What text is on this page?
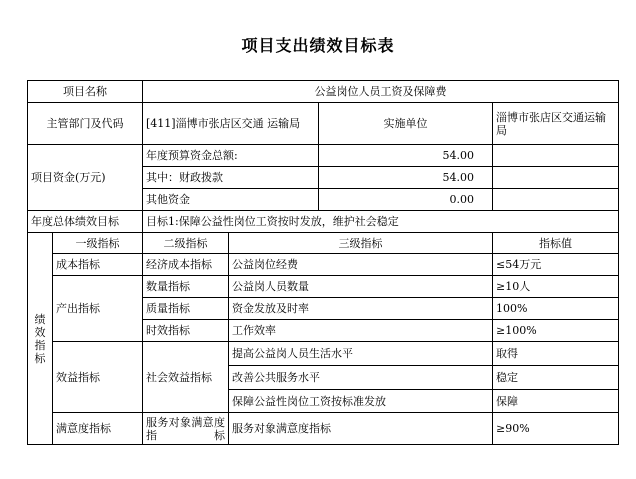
项目支出绩效目标表
项目名称		公益岗位人员工资及保障费			
主管部门及代码		[411]淄博市张店区交通 运输局		实施单位	淄博市张店区交通运输局
项目资金(万元)		年度预算资金总额:		54.00	
		其中：财政拨款		54.00	
		其他资金		0.00	
年度总体绩效目标		目标1:保障公益性岗位工资按时发放，维护社会稳定			
绩效指标	一级指标	二级指标	三级指标		指标值
	成本指标	经济成本指标	公益岗位经费		≤54万元
	产出指标	数量指标	公益岗人员数量		≥10人
		质量指标	资金发放及时率		100%
		时效指标	工作效率		≥100%
	效益指标	社会效益指标	提高公益岗人员生活水平		取得
			改善公共服务水平		稳定
			保障公益性岗位工资按标准发放		保障
	满意度指标	服务对象满意度指标	服务对象满意度指标		≥90%
